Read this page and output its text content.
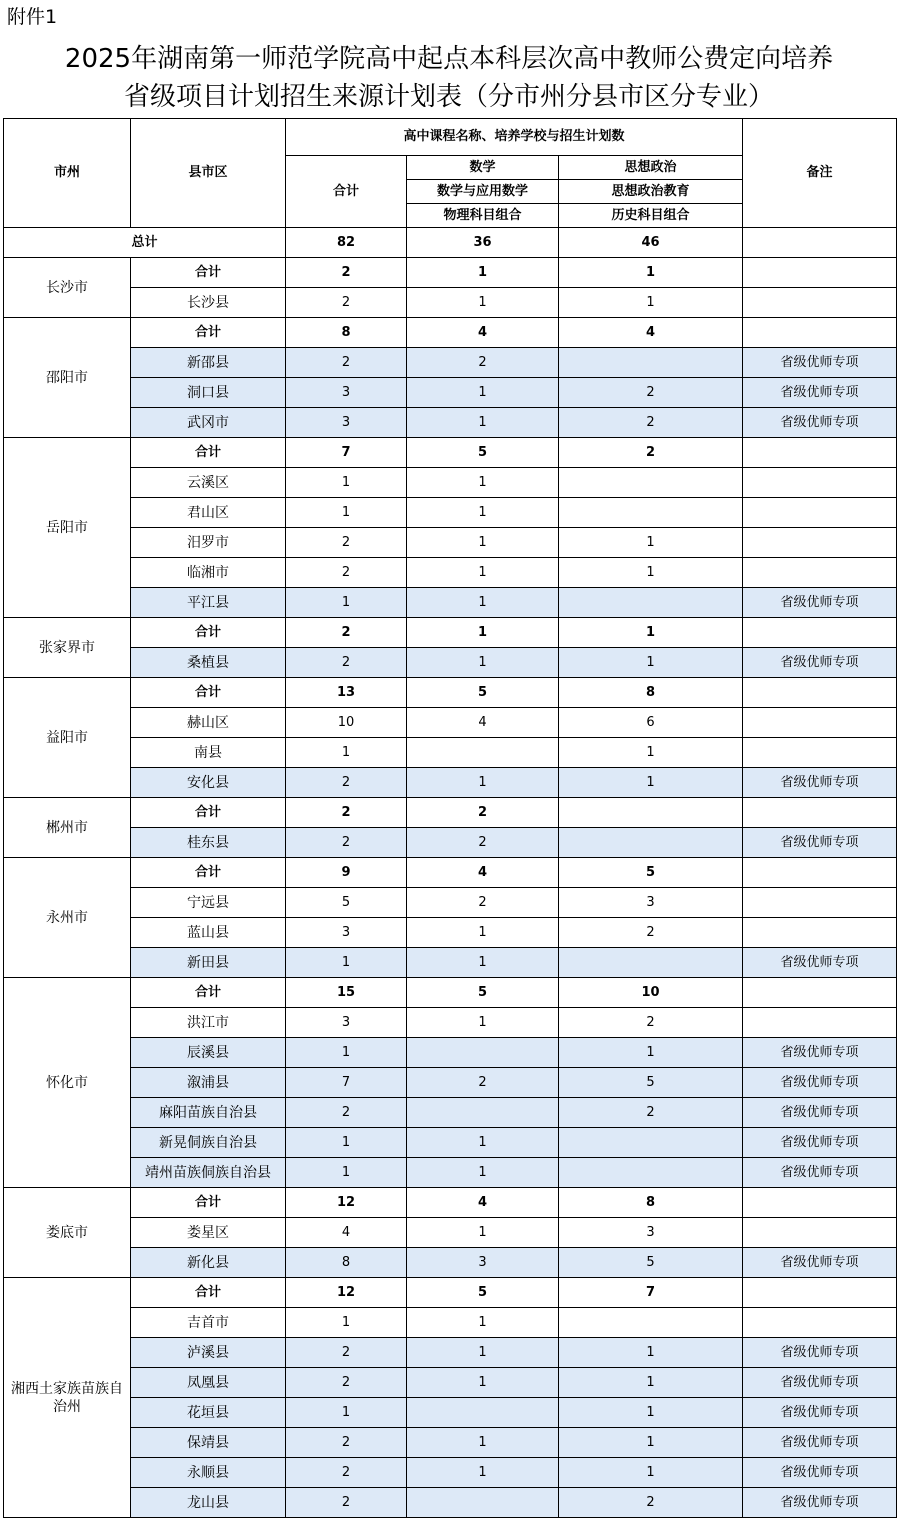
附件1
2025年湖南第一师范学院高中起点本科层次高中教师公费定向培养
省级项目计划招生来源计划表（分市州分县市区分专业）
市州	县市区	高中课程名称、培养学校与招生计划数			备注
		合计	数学	思想政治	
			数学与应用数学	思想政治教育	
			物理科目组合	历史科目组合	
总计		82	36	46	
长沙市	合计	2	1	1	
	长沙县	2	1	1	
邵阳市	合计	8	4	4	
	新邵县	2	2		省级优师专项
	洞口县	3	1	2	省级优师专项
	武冈市	3	1	2	省级优师专项
岳阳市	合计	7	5	2	
	云溪区	1	1		
	君山区	1	1		
	汨罗市	2	1	1	
	临湘市	2	1	1	
	平江县	1	1		省级优师专项
张家界市	合计	2	1	1	
	桑植县	2	1	1	省级优师专项
益阳市	合计	13	5	8	
	赫山区	10	4	6	
	南县	1		1	
	安化县	2	1	1	省级优师专项
郴州市	合计	2	2		
	桂东县	2	2		省级优师专项
永州市	合计	9	4	5	
	宁远县	5	2	3	
	蓝山县	3	1	2	
	新田县	1	1		省级优师专项
怀化市	合计	15	5	10	
	洪江市	3	1	2	
	辰溪县	1		1	省级优师专项
	溆浦县	7	2	5	省级优师专项
	麻阳苗族自治县	2		2	省级优师专项
	新晃侗族自治县	1	1		省级优师专项
	靖州苗族侗族自治县	1	1		省级优师专项
娄底市	合计	12	4	8	
	娄星区	4	1	3	
	新化县	8	3	5	省级优师专项
湘西土家族苗族自治州	合计	12	5	7	
	吉首市	1	1		
	泸溪县	2	1	1	省级优师专项
	凤凰县	2	1	1	省级优师专项
	花垣县	1		1	省级优师专项
	保靖县	2	1	1	省级优师专项
	永顺县	2	1	1	省级优师专项
	龙山县	2		2	省级优师专项
